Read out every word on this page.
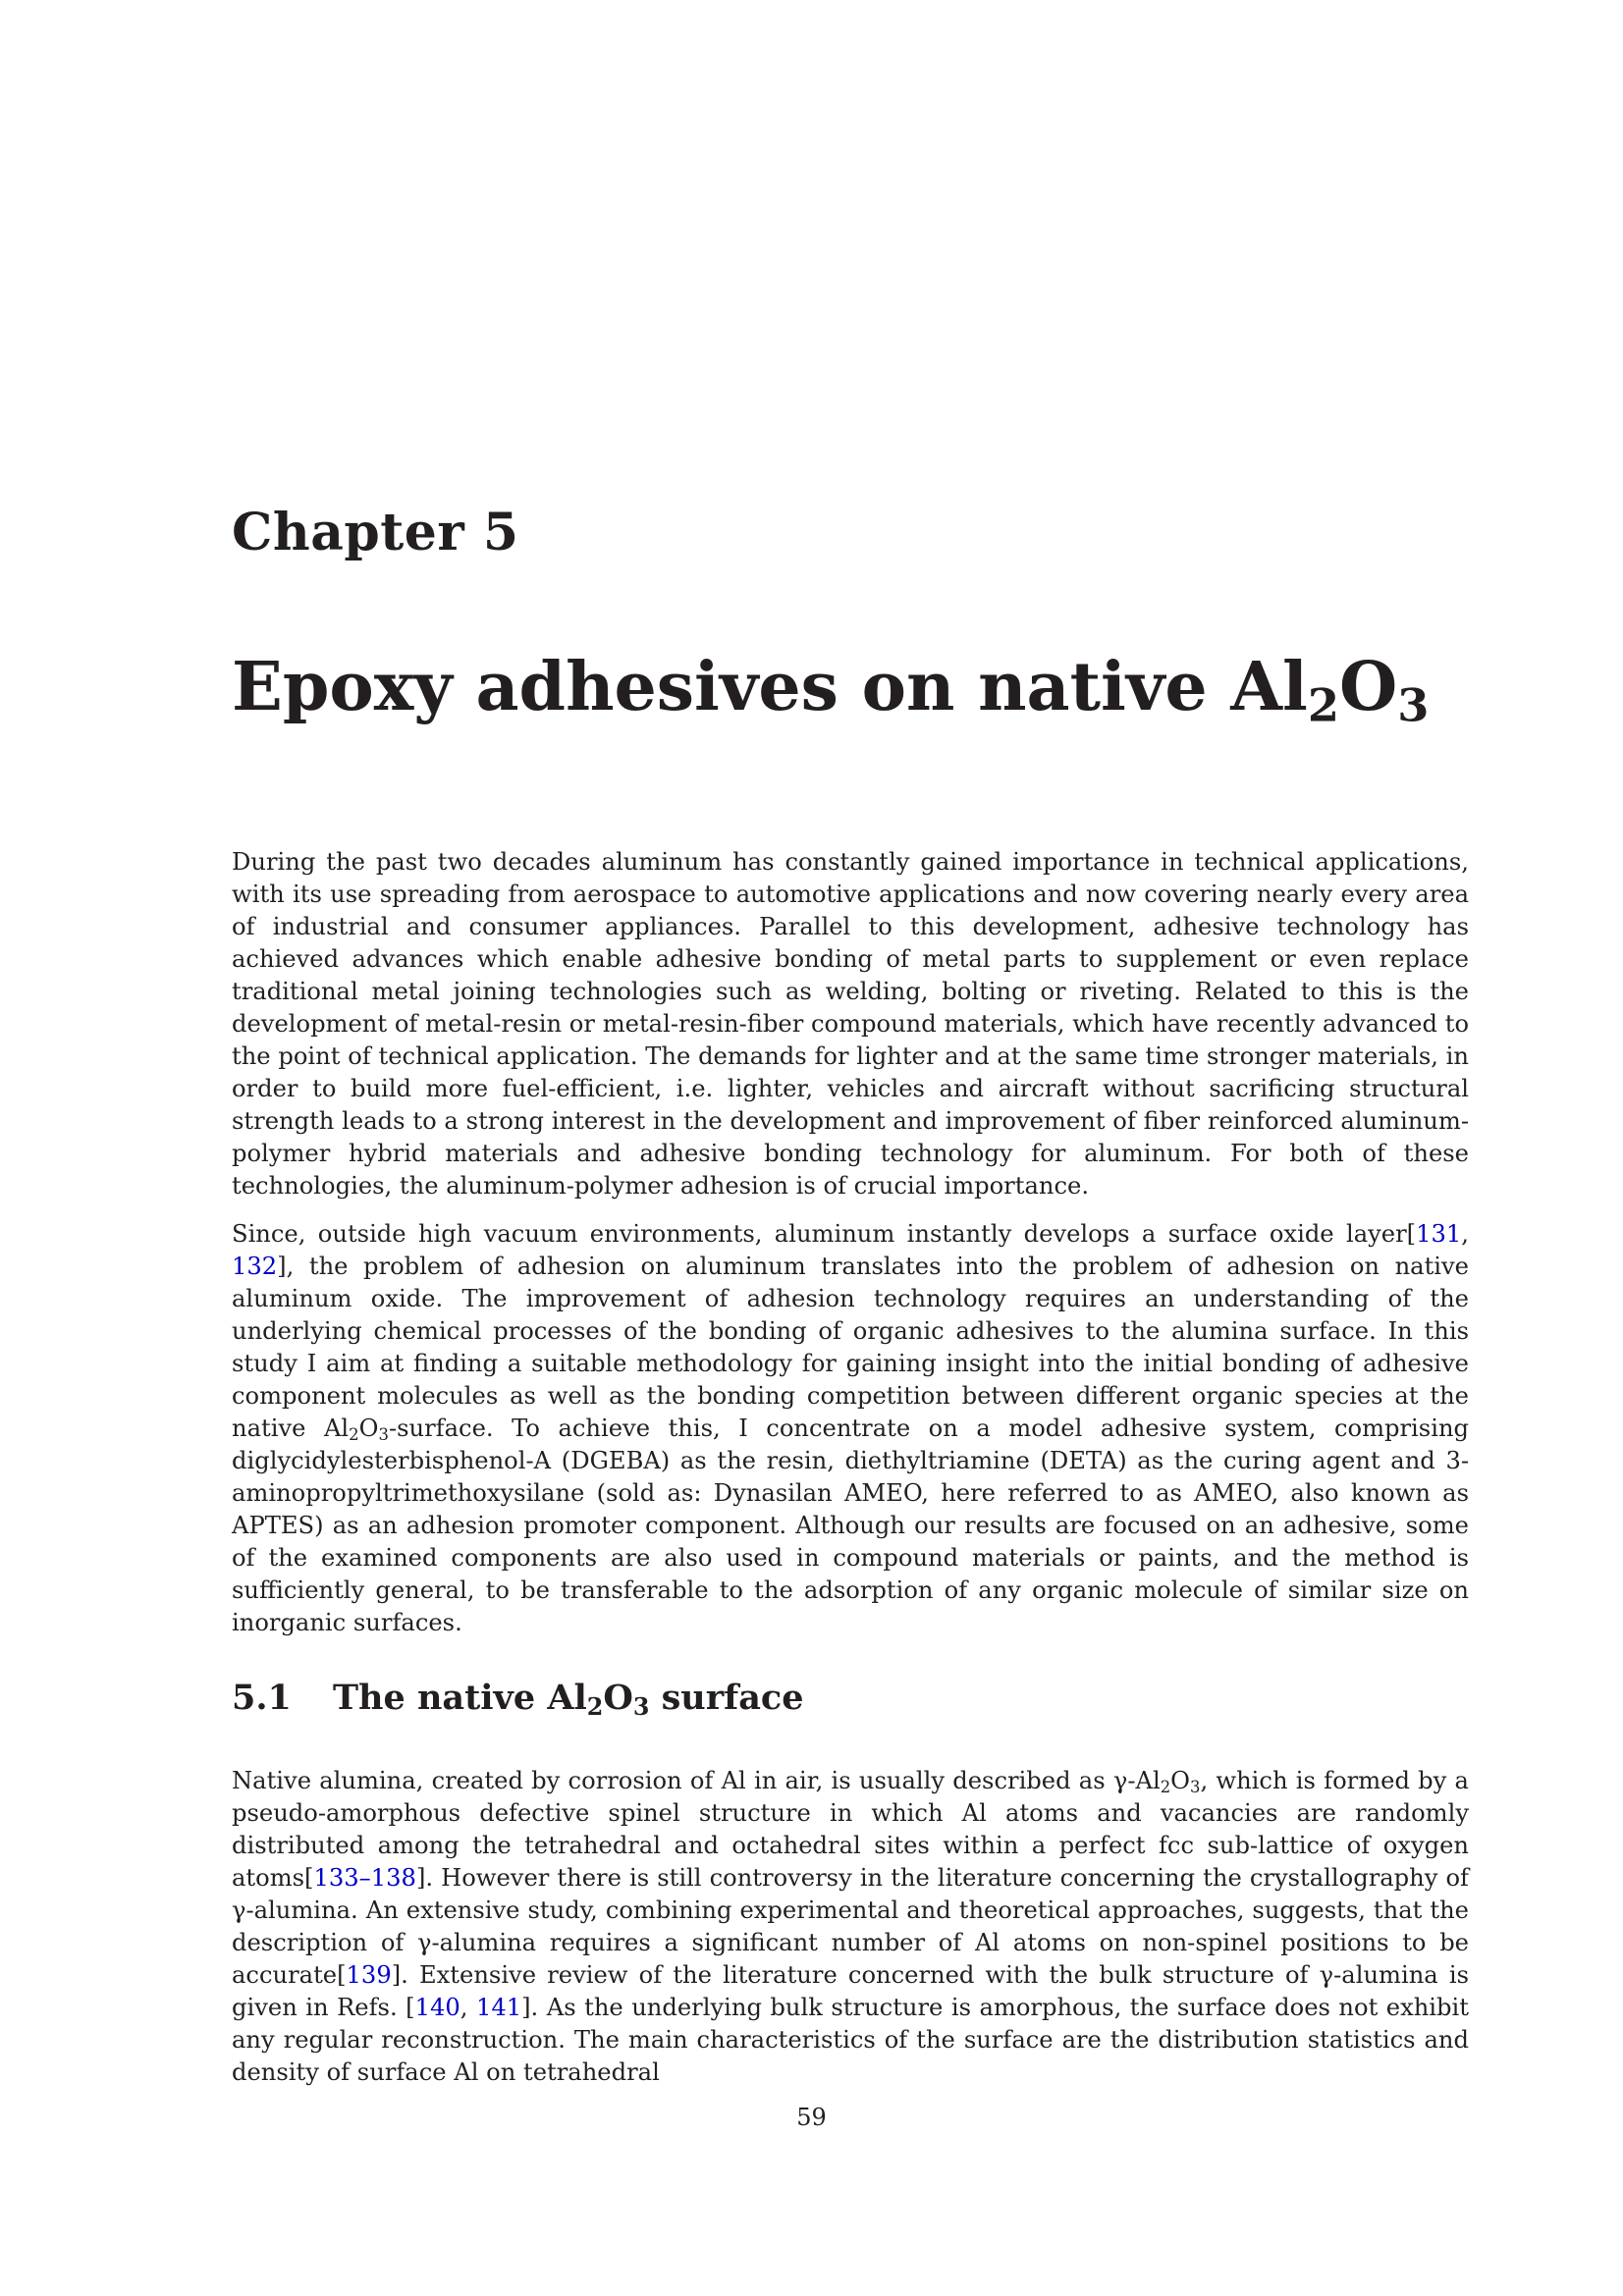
Chapter 5
Epoxy adhesives on native $Al_2O_3$

During the past two decades aluminum has constantly gained importance in technical applications, with its use spreading from aerospace to automotive applications and now covering nearly every area of industrial and consumer appliances. Parallel to this development, adhesive technology has achieved advances which enable adhesive bonding of metal parts to supplement or even replace traditional metal joining technologies such as welding, bolting or riveting. Related to this is the development of metal-resin or metal-resin-fiber compound materials, which have recently advanced to the point of technical application. The demands for lighter and at the same time stronger materials, in order to build more fuel-efficient, i.e. lighter, vehicles and aircraft without sacrificing structural strength leads to a strong interest in the development and improvement of fiber reinforced aluminum-polymer hybrid materials and adhesive bonding technology for aluminum. For both of these technologies, the aluminum-polymer adhesion is of crucial importance.

Since, outside high vacuum environments, aluminum instantly develops a surface oxide layer[131, 132], the problem of adhesion on aluminum translates into the problem of adhesion on native aluminum oxide. The improvement of adhesion technology requires an understanding of the underlying chemical processes of the bonding of organic adhesives to the alumina surface. In this study I aim at finding a suitable methodology for gaining insight into the initial bonding of adhesive component molecules as well as the bonding competition between different organic species at the native $Al_2O_3$-surface. To achieve this, I concentrate on a model adhesive system, comprising diglycidylesterbisphenol-A (DGEBA) as the resin, diethyltriamine (DETA) as the curing agent and 3-aminopropyltrimethoxysilane (sold as: Dynasilan AMEO, here referred to as AMEO, also known as APTES) as an adhesion promoter component. Although our results are focused on an adhesive, some of the examined components are also used in compound materials or paints, and the method is sufficiently general, to be transferable to the adsorption of any organic molecule of similar size on inorganic surfaces.

5.1 The native $Al_2O_3$ surface

Native alumina, created by corrosion of Al in air, is usually described as $\gamma-Al_2O_3$, which is formed by a pseudo-amorphous defective spinel structure in which Al atoms and vacancies are randomly distributed among the tetrahedral and octahedral sites within a perfect fcc sub-lattice of oxygen atoms[133–138]. However there is still controversy in the literature concerning the crystallography of γ-alumina. An extensive study, combining experimental and theoretical approaches, suggests, that the description of γ-alumina requires a significant number of Al atoms on non-spinel positions to be accurate[139]. Extensive review of the literature concerned with the bulk structure of γ-alumina is given in Refs. [140, 141]. As the underlying bulk structure is amorphous, the surface does not exhibit any regular reconstruction. The main characteristics of the surface are the distribution statistics and density of surface Al on tetrahedral

59
